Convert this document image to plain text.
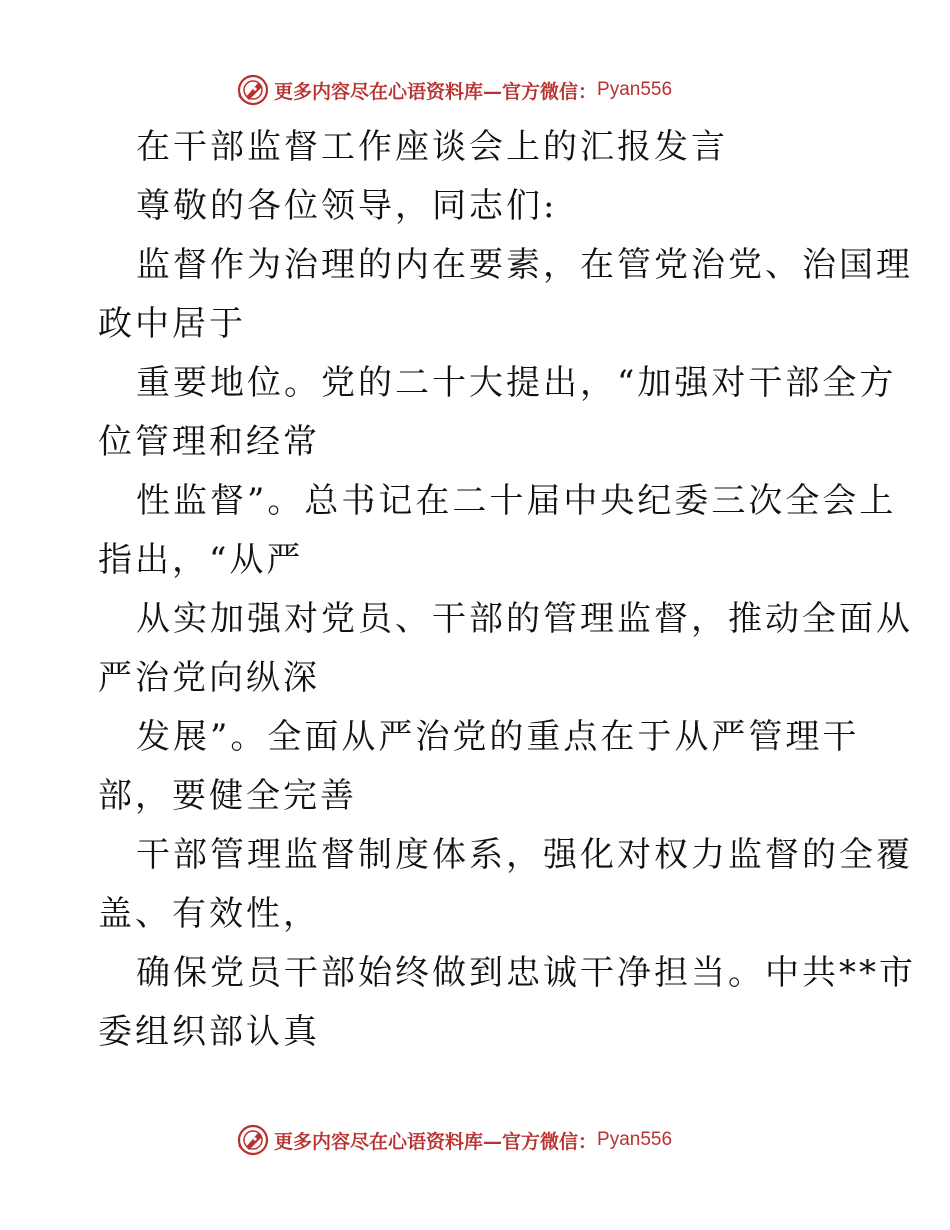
更多内容尽在心语资料库— 官方微信： Pyan556
在干部监督工作座谈会上的汇报发言
尊敬的各位领导，同志们:
监督作为治理的内在要素，在管党治党、治国理
政中居于
重要地位。党的二十大提出，“加强对干部全方
位管理和经常
性监督”。总书记在二十届中央纪委三次全会上
指出，“从严
从实加强对党员、干部的管理监督，推动全面从
严治党向纵深
发展”。全面从严治党的重点在于从严管理干
部，要健全完善
干部管理监督制度体系，强化对权力监督的全覆
盖、有效性，
确保党员干部始终做到忠诚干净担当。中共**市
委组织部认真
更多内容尽在心语资料库— 官方微信： Pyan556
